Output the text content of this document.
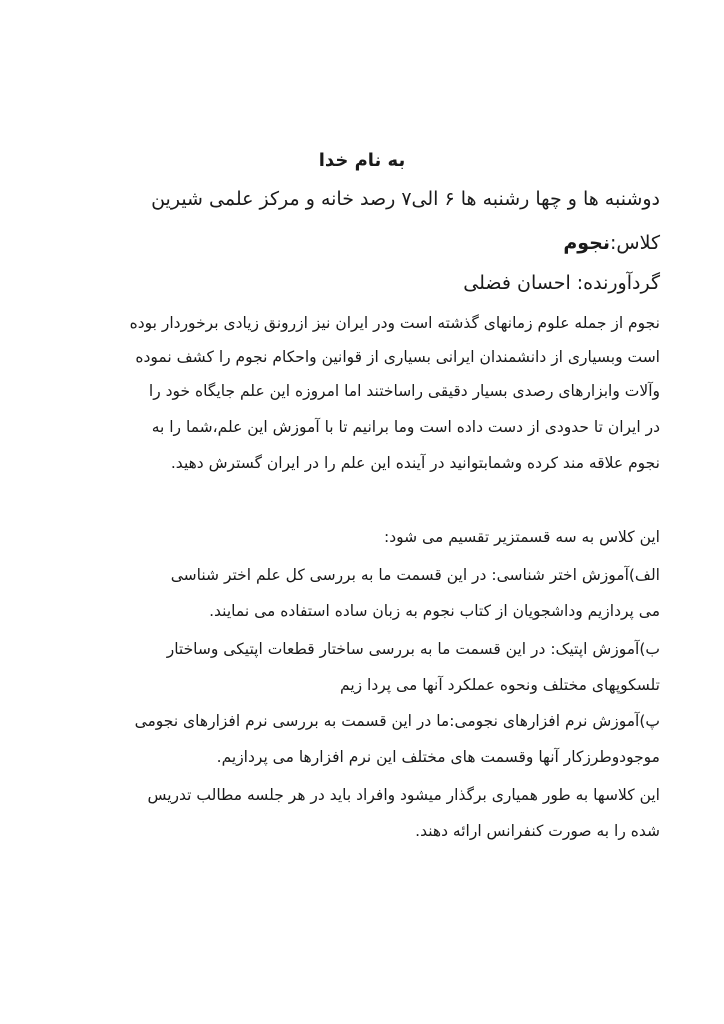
به نام خدا
دوشنبه ها و چها رشنبه ها ۶ الی۷ رصد خانه و مرکز علمی شیرین
کلاس:نجوم
گردآورنده: احسان فضلی
نجوم از جمله علوم زمانهای گذشته است ودر ایران نیز ازرونق زیادی برخوردار بوده
است وبسیاری از دانشمندان ایرانی بسیاری از قوانین واحکام نجوم را کشف نموده
وآلات وابزارهای رصدی بسیار دقیقی راساختند اما امروزه این علم جایگاه خود را
در ایران تا حدودی از دست داده است وما برانیم تا با آموزش این علم،شما را به
نجوم علاقه مند کرده وشمابتوانید در آینده این علم را در ایران گسترش دهید.
این کلاس به سه قسمتزیر تقسیم می شود:
الف)آموزش اختر شناسی: در این قسمت ما به بررسی کل علم اختر شناسی
می پردازیم وداشجویان از کتاب نجوم به زبان ساده استفاده می نمایند.
ب)آموزش اپتیک: در این قسمت ما به بررسی ساختار قطعات اپتیکی وساختار
تلسکوپهای مختلف ونحوه عملکرد آنها می پردا زیم
پ)آموزش نرم افزارهای نجومی:ما در این قسمت به بررسی نرم افزارهای نجومی
موجودوطرزکار آنها وقسمت های مختلف این نرم افزارها می پردازیم.
این کلاسها به طور همیاری برگذار میشود وافراد باید در هر جلسه مطالب تدریس
شده را به صورت کنفرانس ارائه دهند.
